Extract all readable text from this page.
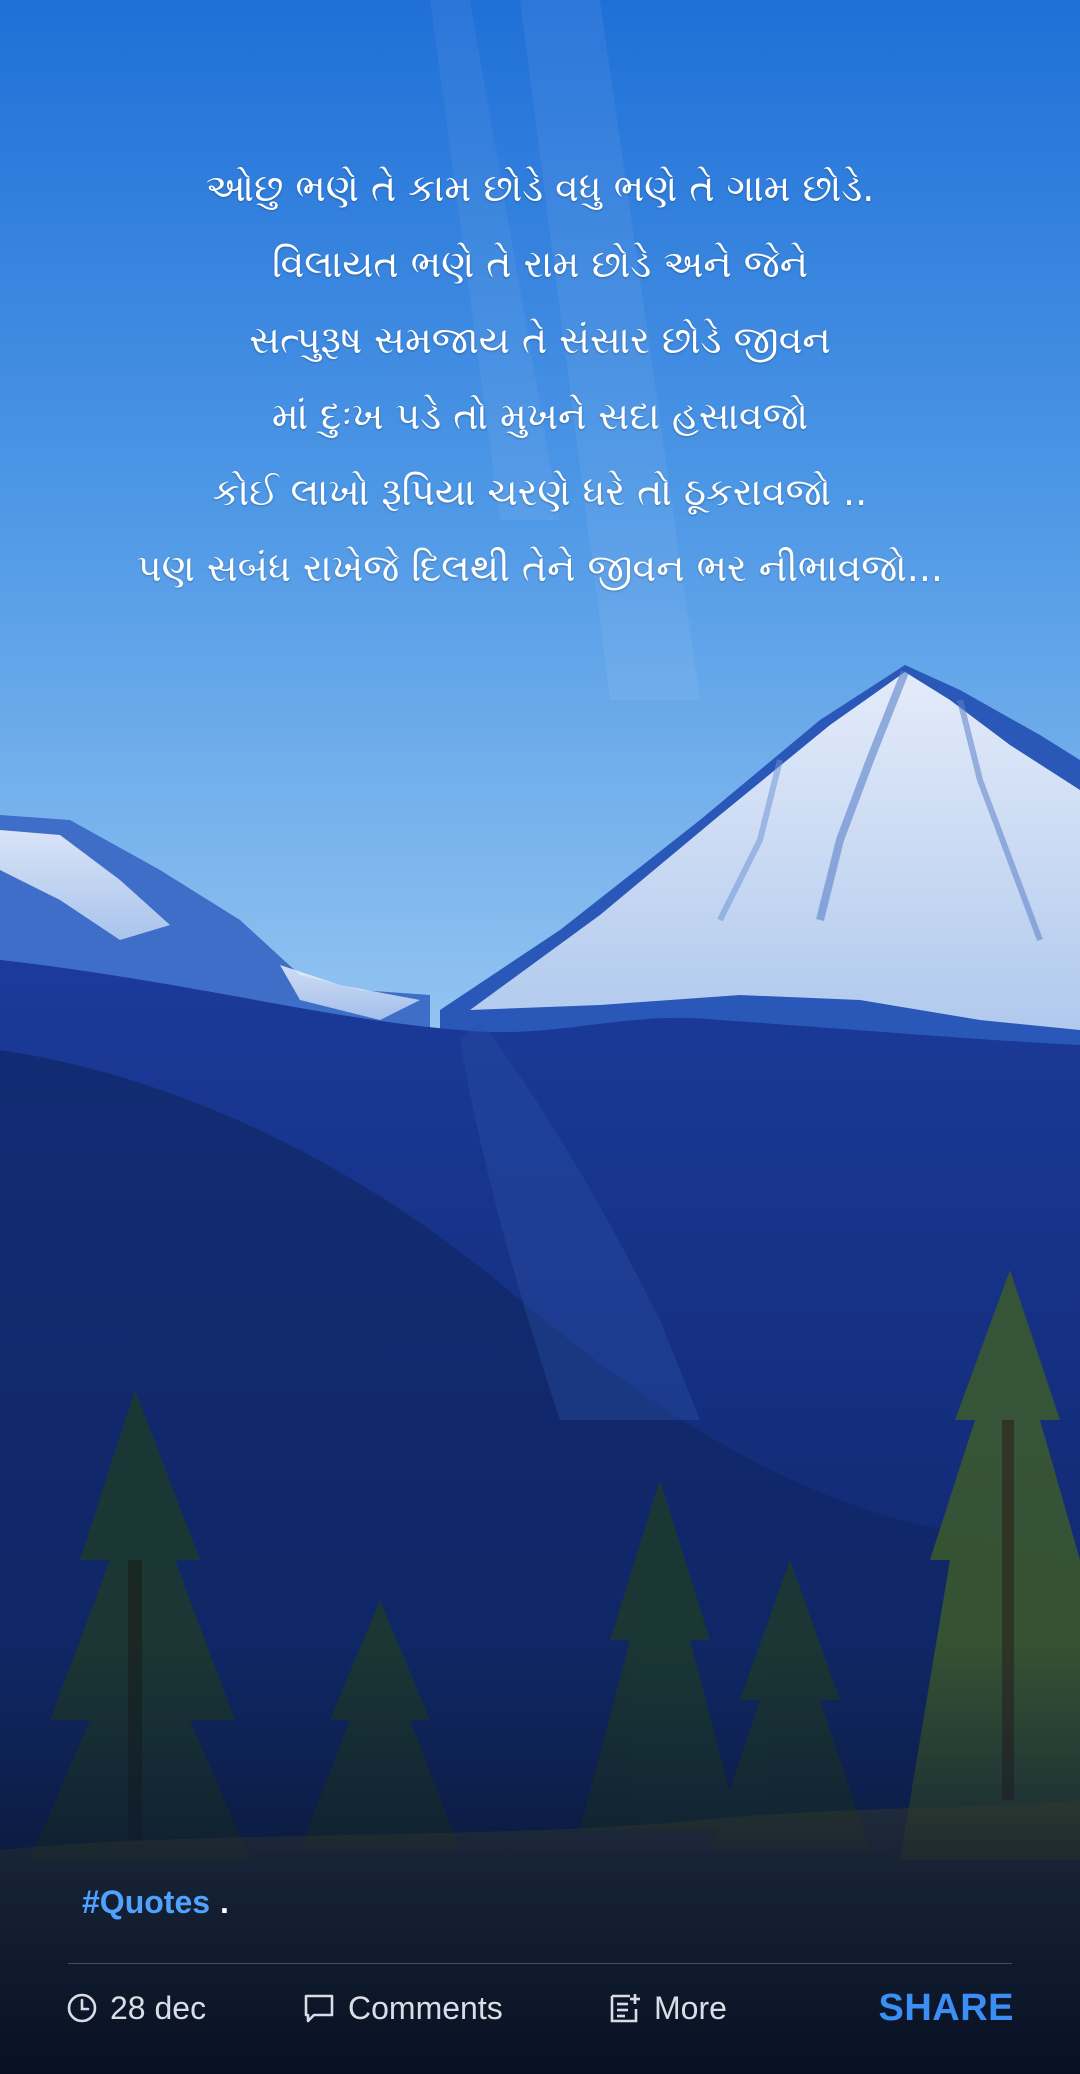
ઓછુ ભણે તે કામ છોડે વધુ ભણે તે ગામ છોડે.
વિલાયત ભણે તે રામ છોડે અને જેને
સત્પુરૂષ સમજાય તે સંસાર છોડે જીવન
માં દુઃખ પડે તો મુખને સદા હસાવજો
કોઈ લાખો રૂપિયા ચરણે ધરે તો ઠૂકરાવજો ..
પણ સબંધ રાખેજે દિલથી તેને જીવન ભર નીભાવજો...
#Quotes .
28 dec	Comments	More	SHARE
